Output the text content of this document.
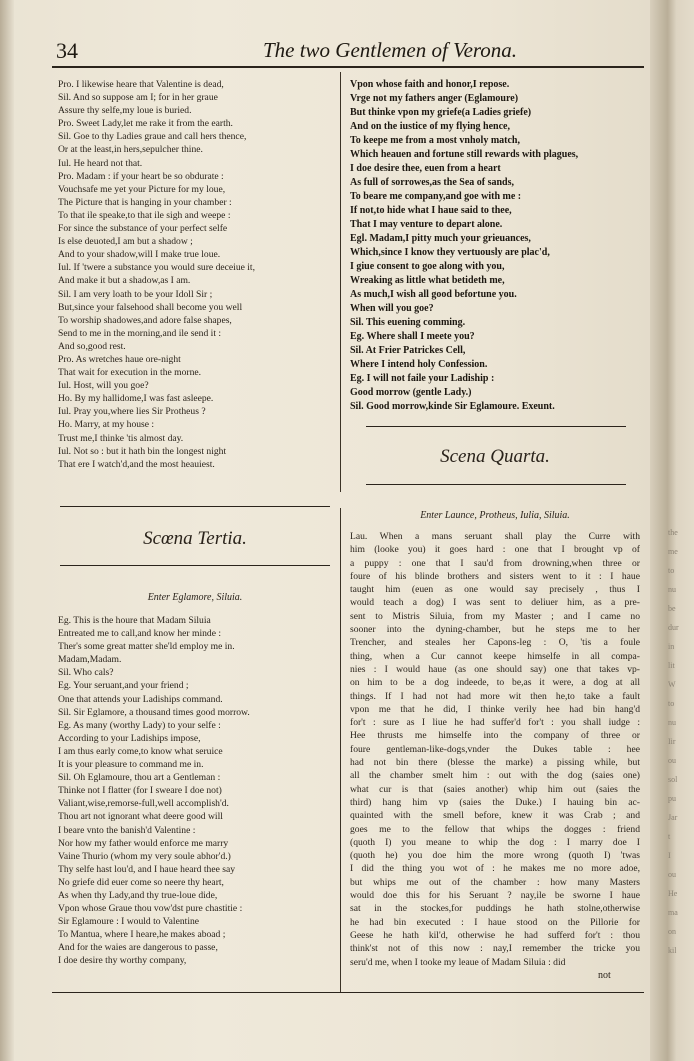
the
me
to
nu
be
dur
in
lit
W
to
nu
Iir
ou
sol
pu
Jar
t
I
ou
He
ma
on
kil
34	The two Gentlemen of Verona.
Pro. I likewise heare that Valentine is dead,
Sil. And so suppose am I; for in her graue
Assure thy selfe,my loue is buried.
Pro. Sweet Lady,let me rake it from the earth.
Sil. Goe to thy Ladies graue and call hers thence,
Or at the least,in hers,sepulcher thine.
Iul. He heard not that.
Pro. Madam : if your heart be so obdurate :
Vouchsafe me yet your Picture for my loue,
The Picture that is hanging in your chamber :
To that ile speake,to that ile sigh and weepe :
For since the substance of your perfect selfe
Is else deuoted,I am but a shadow ;
And to your shadow,will I make true loue.
Iul. If 'twere a substance you would sure deceiue it,
And make it but a shadow,as I am.
Sil. I am very loath to be your Idoll Sir ;
But,since your falsehood shall become you well
To worship shadowes,and adore false shapes,
Send to me in the morning,and ile send it :
And so,good rest.
Pro. As wretches haue ore-night
That wait for execution in the morne.
Iul. Host, will you goe?
Ho. By my hallidome,I was fast asleepe.
Iul. Pray you,where lies Sir Protheus ?
Ho. Marry, at my house :
Trust me,I thinke 'tis almost day.
Iul. Not so : but it hath bin the longest night
That ere I watch'd,and the most heauiest.
Scœna Tertia.
Enter Eglamore, Siluia.
Eg. This is the houre that Madam Siluia
Entreated me to call,and know her minde :
Ther's some great matter she'ld employ me in.
Madam,Madam.
Sil. Who cals?
Eg. Your seruant,and your friend ;
One that attends your Ladiships command.
Sil. Sir Eglamore, a thousand times good morrow.
Eg. As many (worthy Lady) to your selfe :
According to your Ladiships impose,
I am thus early come,to know what seruice
It is your pleasure to command me in.
Sil. Oh Eglamoure, thou art a Gentleman :
Thinke not I flatter (for I sweare I doe not)
Valiant,wise,remorse-full,well accomplish'd.
Thou art not ignorant what deere good will
I beare vnto the banish'd Valentine :
Nor how my father would enforce me marry
Vaine Thurio (whom my very soule abhor'd.)
Thy selfe hast lou'd, and I haue heard thee say
No griefe did euer come so neere thy heart,
As when thy Lady,and thy true-loue dide,
Vpon whose Graue thou vow'dst pure chastitie :
Sir Eglamoure : I would to Valentine
To Mantua, where I heare,he makes aboad ;
And for the waies are dangerous to passe,
I doe desire thy worthy company,
Vpon whose faith and honor,I repose.
Vrge not my fathers anger (Eglamoure)
But thinke vpon my griefe(a Ladies griefe)
And on the iustice of my flying hence,
To keepe me from a most vnholy match,
Which heauen and fortune still rewards with plagues,
I doe desire thee, euen from a heart
As full of sorrowes,as the Sea of sands,
To beare me company,and goe with me :
If not,to hide what I haue said to thee,
That I may venture to depart alone.
Egl. Madam,I pitty much your grieuances,
Which,since I know they vertuously are plac'd,
I giue consent to goe along with you,
Wreaking as little what betideth me,
As much,I wish all good befortune you.
When will you goe?
Sil. This euening comming.
Eg. Where shall I meete you?
Sil. At Frier Patrickes Cell,
Where I intend holy Confession.
Eg. I will not faile your Ladiship :
Good morrow (gentle Lady.)
Sil. Good morrow,kinde Sir Eglamoure. Exeunt.
Scena Quarta.
Enter Launce, Protheus, Iulia, Siluia.
Lau. When a mans seruant shall play the Curre with
him (looke you) it goes hard : one that I brought vp of
a puppy : one that I sau'd from drowning,when three or
foure of his blinde brothers and sisters went to it : I haue
taught him (euen as one would say precisely , thus I
would teach a dog) I was sent to deliuer him, as a pre-
sent to Mistris Siluia, from my Master ; and I came no
sooner into the dyning-chamber, but he steps me to her
Trencher, and steales her Capons-leg : O, 'tis a foule
thing, when a Cur cannot keepe himselfe in all compa-
nies : I would haue (as one should say) one that takes vp-
on him to be a dog indeede, to be,as it were, a dog at all
things. If I had not had more wit then he,to take a fault
vpon me that he did, I thinke verily hee had bin hang'd
for't : sure as I liue he had suffer'd for't : you shall iudge :
Hee thrusts me himselfe into the company of three or
foure gentleman-like-dogs,vnder the Dukes table : hee
had not bin there (blesse the marke) a pissing while, but
all the chamber smelt him : out with the dog (saies one)
what cur is that (saies another) whip him out (saies the
third) hang him vp (saies the Duke.) I hauing bin ac-
quainted with the smell before, knew it was Crab ; and
goes me to the fellow that whips the dogges : friend
(quoth I) you meane to whip the dog : I marry doe I
(quoth he) you doe him the more wrong (quoth I) 'twas
I did the thing you wot of : he makes me no more adoe,
but whips me out of the chamber : how many Masters
would doe this for his Seruant ? nay,ile be sworne I haue
sat in the stockes,for puddings he hath stolne,otherwise
he had bin executed : I haue stood on the Pillorie for
Geese he hath kil'd, otherwise he had sufferd for't : thou
think'st not of this now : nay,I remember the tricke you
seru'd me, when I tooke my leaue of Madam Siluia : did
not
